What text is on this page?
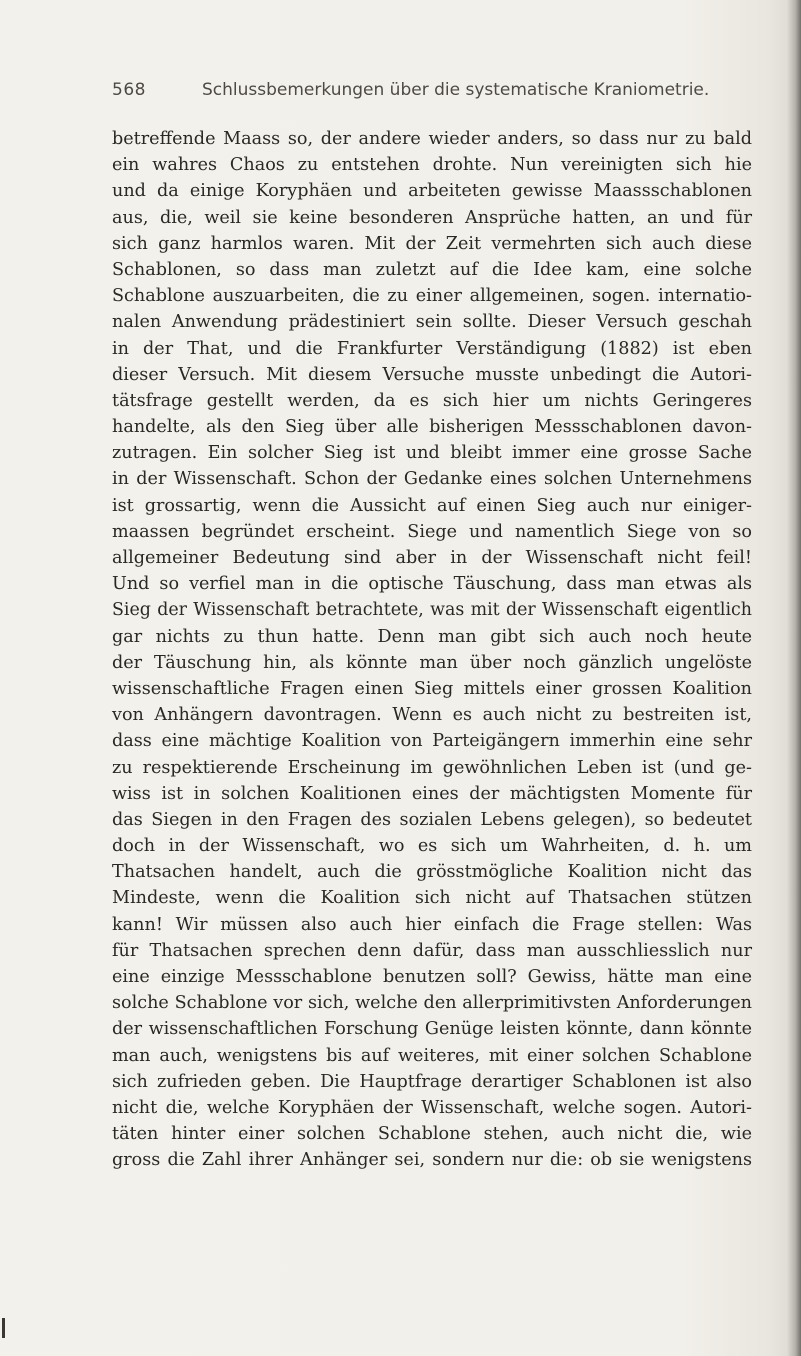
568	Schlussbemerkungen über die systematische Kraniometrie.
betreffende Maass so, der andere wieder anders, so dass nur zu bald
ein wahres Chaos zu entstehen drohte. Nun vereinigten sich hie
und da einige Koryphäen und arbeiteten gewisse Maassschablonen
aus, die, weil sie keine besonderen Ansprüche hatten, an und für
sich ganz harmlos waren. Mit der Zeit vermehrten sich auch diese
Schablonen, so dass man zuletzt auf die Idee kam, eine solche
Schablone auszuarbeiten, die zu einer allgemeinen, sogen. internatio-
nalen Anwendung prädestiniert sein sollte. Dieser Versuch geschah
in der That, und die Frankfurter Verständigung (1882) ist eben
dieser Versuch. Mit diesem Versuche musste unbedingt die Autori-
tätsfrage gestellt werden, da es sich hier um nichts Geringeres
handelte, als den Sieg über alle bisherigen Messschablonen davon-
zutragen. Ein solcher Sieg ist und bleibt immer eine grosse Sache
in der Wissenschaft. Schon der Gedanke eines solchen Unternehmens
ist grossartig, wenn die Aussicht auf einen Sieg auch nur einiger-
maassen begründet erscheint. Siege und namentlich Siege von so
allgemeiner Bedeutung sind aber in der Wissenschaft nicht feil!
Und so verfiel man in die optische Täuschung, dass man etwas als
Sieg der Wissenschaft betrachtete, was mit der Wissenschaft eigentlich
gar nichts zu thun hatte. Denn man gibt sich auch noch heute
der Täuschung hin, als könnte man über noch gänzlich ungelöste
wissenschaftliche Fragen einen Sieg mittels einer grossen Koalition
von Anhängern davontragen. Wenn es auch nicht zu bestreiten ist,
dass eine mächtige Koalition von Parteigängern immerhin eine sehr
zu respektierende Erscheinung im gewöhnlichen Leben ist (und ge-
wiss ist in solchen Koalitionen eines der mächtigsten Momente für
das Siegen in den Fragen des sozialen Lebens gelegen), so bedeutet
doch in der Wissenschaft, wo es sich um Wahrheiten, d. h. um
Thatsachen handelt, auch die grösstmögliche Koalition nicht das
Mindeste, wenn die Koalition sich nicht auf Thatsachen stützen
kann! Wir müssen also auch hier einfach die Frage stellen: Was
für Thatsachen sprechen denn dafür, dass man ausschliesslich nur
eine einzige Messschablone benutzen soll? Gewiss, hätte man eine
solche Schablone vor sich, welche den allerprimitivsten Anforderungen
der wissenschaftlichen Forschung Genüge leisten könnte, dann könnte
man auch, wenigstens bis auf weiteres, mit einer solchen Schablone
sich zufrieden geben. Die Hauptfrage derartiger Schablonen ist also
nicht die, welche Koryphäen der Wissenschaft, welche sogen. Autori-
täten hinter einer solchen Schablone stehen, auch nicht die, wie
gross die Zahl ihrer Anhänger sei, sondern nur die: ob sie wenigstens
